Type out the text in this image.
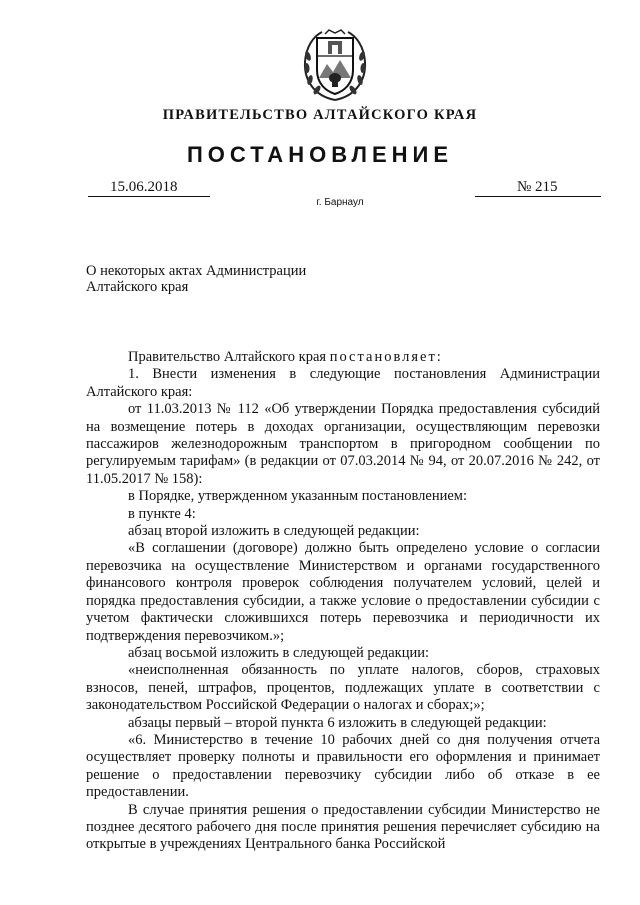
ПРАВИТЕЛЬСТВО АЛТАЙСКОГО КРАЯ
ПОСТАНОВЛЕНИЕ
15.06.2018	№ 215
г. Барнаул
О некоторых актах Администрации
Алтайского края

Правительство Алтайского края постановляет:

1. Внести изменения в следующие постановления Администрации Алтайского края:

от 11.03.2013 № 112 «Об утверждении Порядка предоставления субсидий на возмещение потерь в доходах организации, осуществляющим перевозки пассажиров железнодорожным транспортом в пригородном сообщении по регулируемым тарифам» (в редакции от 07.03.2014 № 94, от 20.07.2016 № 242, от 11.05.2017 № 158):

в Порядке, утвержденном указанным постановлением:

в пункте 4:

абзац второй изложить в следующей редакции:

«В соглашении (договоре) должно быть определено условие о согласии перевозчика на осуществление Министерством и органами государственного финансового контроля проверок соблюдения получателем условий, целей и порядка предоставления субсидии, а также условие о предоставлении субсидии с учетом фактически сложившихся потерь перевозчика и периодичности их подтверждения перевозчиком.»;

абзац восьмой изложить в следующей редакции:

«неисполненная обязанность по уплате налогов, сборов, страховых взносов, пеней, штрафов, процентов, подлежащих уплате в соответствии с законодательством Российской Федерации о налогах и сборах;»;

абзацы первый – второй пункта 6 изложить в следующей редакции:

«6. Министерство в течение 10 рабочих дней со дня получения отчета осуществляет проверку полноты и правильности его оформления и принимает решение о предоставлении перевозчику субсидии либо об отказе в ее предоставлении.

В случае принятия решения о предоставлении субсидии Министерство не позднее десятого рабочего дня после принятия решения перечисляет субсидию на открытые в учреждениях Центрального банка Российской
